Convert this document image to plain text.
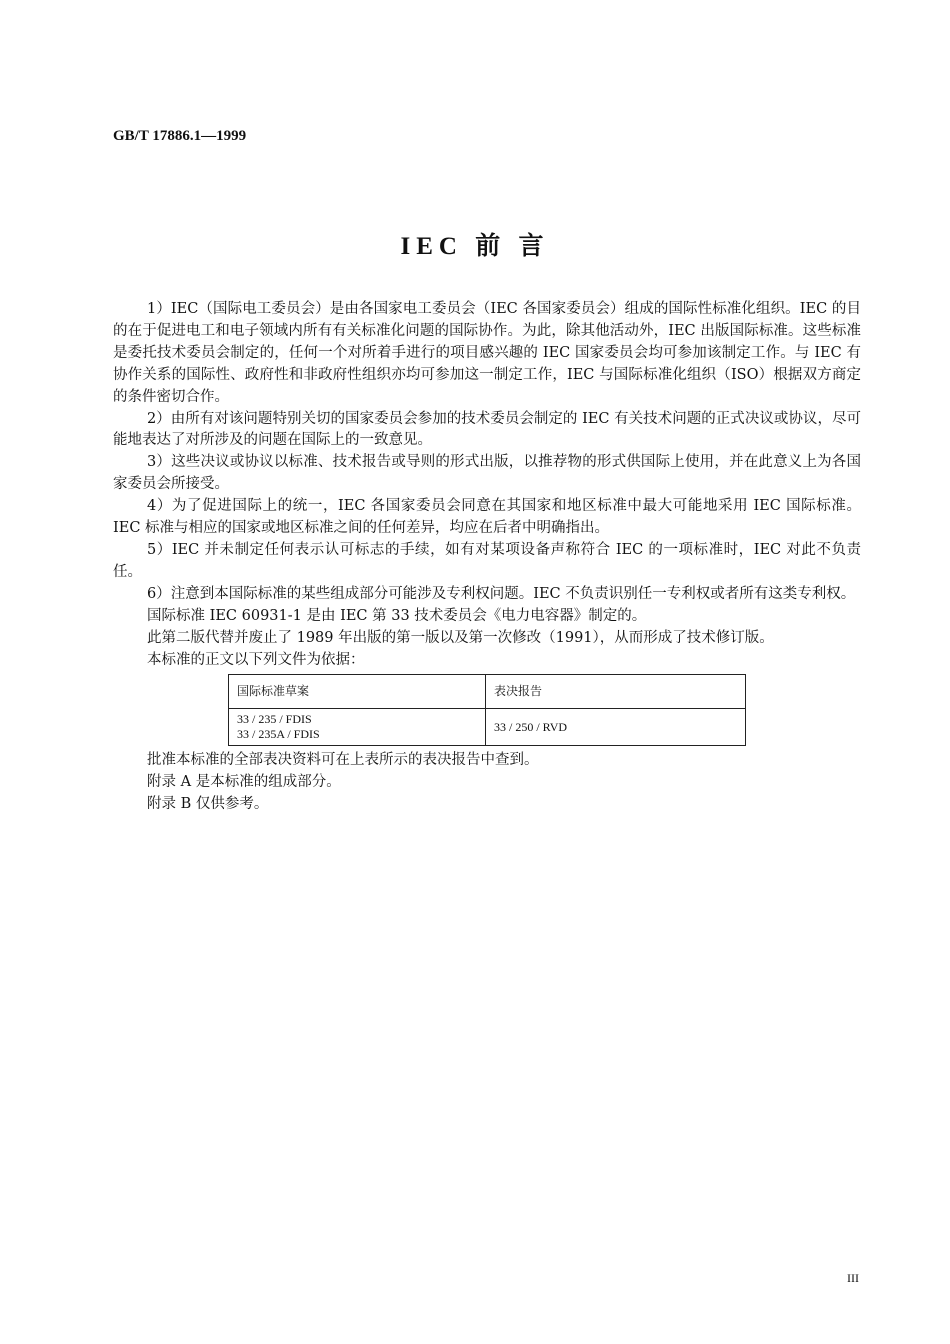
GB/T 17886.1—1999
IEC 前 言

1）IEC（国际电工委员会）是由各国家电工委员会（IEC 各国家委员会）组成的国际性标准化组织。IEC 的目的在于促进电工和电子领域内所有有关标准化问题的国际协作。为此，除其他活动外，IEC 出版国际标准。这些标准是委托技术委员会制定的，任何一个对所着手进行的项目感兴趣的 IEC 国家委员会均可参加该制定工作。与 IEC 有协作关系的国际性、政府性和非政府性组织亦均可参加这一制定工作，IEC 与国际标准化组织（ISO）根据双方商定的条件密切合作。

2）由所有对该问题特别关切的国家委员会参加的技术委员会制定的 IEC 有关技术问题的正式决议或协议，尽可能地表达了对所涉及的问题在国际上的一致意见。

3）这些决议或协议以标准、技术报告或导则的形式出版，以推荐物的形式供国际上使用，并在此意义上为各国家委员会所接受。

4）为了促进国际上的统一，IEC 各国家委员会同意在其国家和地区标准中最大可能地采用 IEC 国际标准。IEC 标准与相应的国家或地区标准之间的任何差异，均应在后者中明确指出。

5）IEC 并未制定任何表示认可标志的手续，如有对某项设备声称符合 IEC 的一项标准时，IEC 对此不负责任。

6）注意到本国际标准的某些组成部分可能涉及专利权问题。IEC 不负责识别任一专利权或者所有这类专利权。

国际标准 IEC 60931-1 是由 IEC 第 33 技术委员会《电力电容器》制定的。

此第二版代替并废止了 1989 年出版的第一版以及第一次修改（1991），从而形成了技术修订版。

本标准的正文以下列文件为依据：

国际标准草案	表决报告

33 / 235 / FDIS
33 / 235A / FDIS	33 / 250 / RVD

批准本标准的全部表决资料可在上表所示的表决报告中查到。

附录 A 是本标准的组成部分。

附录 B 仅供参考。

III
